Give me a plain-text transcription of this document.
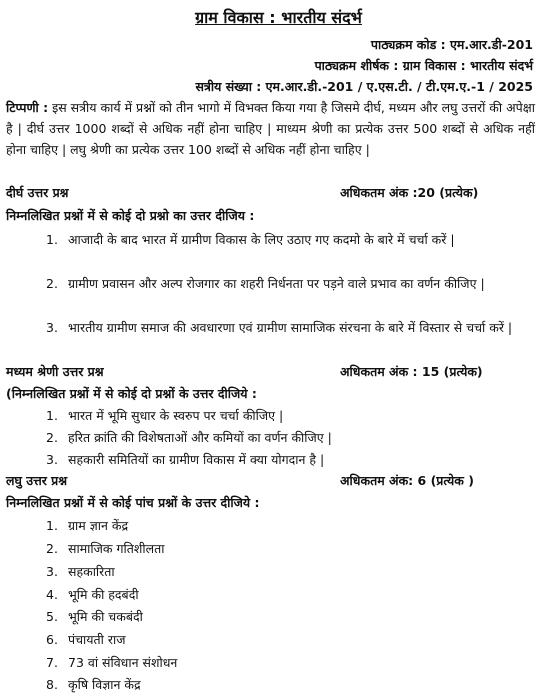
ग्राम विकास : भारतीय संदर्भ
पाठ्यक्रम कोड : एम.आर.डी-201
पाठ्यक्रम शीर्षक : ग्राम विकास : भारतीय संदर्भ
सत्रीय संख्या : एम.आर.डी.-201 / ए.एस.टी. / टी.एम.ए.-1 / 2025
टिप्पणी : इस सत्रीय कार्य में प्रश्नों को तीन भागो में विभक्त किया गया है जिसमे दीर्घ, मध्यम और लघु उत्तरों की अपेक्षा है | दीर्घ उत्तर 1000 शब्दों से अधिक नहीं होना चाहिए | माध्यम श्रेणी का प्रत्येक उत्तर 500 शब्दों से अधिक नहीं होना चाहिए | लघु श्रेणी का प्रत्येक उत्तर 100 शब्दों से अधिक नहीं होना चाहिए |
दीर्घ उत्तर प्रश्न	अधिकतम अंक :20 (प्रत्येक)
निम्नलिखित प्रश्नों में से कोई दो प्रश्नो का उत्तर दीजिय :
1. आजादी के बाद भारत में ग्रामीण विकास के लिए उठाए गए कदमो के बारे में चर्चा करें |
2. ग्रामीण प्रवासन और अल्प रोजगार का शहरी निर्धनता पर पड़ने वाले प्रभाव का वर्णन कीजिए |
3. भारतीय ग्रामीण समाज की अवधारणा एवं ग्रामीण सामाजिक संरचना के बारे में विस्तार से चर्चा करें |
मध्यम श्रेणी उत्तर प्रश्न	अधिकतम अंक : 15 (प्रत्येक)
(निम्नलिखित प्रश्नों में से कोई दो प्रश्नों के उत्तर दीजिये :
1. भारत में भूमि सुधार के स्वरुप पर चर्चा कीजिए |
2. हरित क्रांति की विशेषताओं और कमियों का वर्णन कीजिए |
3. सहकारी समितियों का ग्रामीण विकास में क्या योगदान है |
लघु उत्तर प्रश्न	अधिकतम अंक: 6 (प्रत्येक )
निम्नलिखित प्रश्नों में से कोई पांच प्रश्नों के उत्तर दीजिये :
1. ग्राम ज्ञान केंद्र
2. सामाजिक गतिशीलता
3. सहकारिता
4. भूमि की हदबंदी
5. भूमि की चकबंदी
6. पंचायती राज
7. 73 वां संविधान संशोधन
8. कृषि विज्ञान केंद्र
